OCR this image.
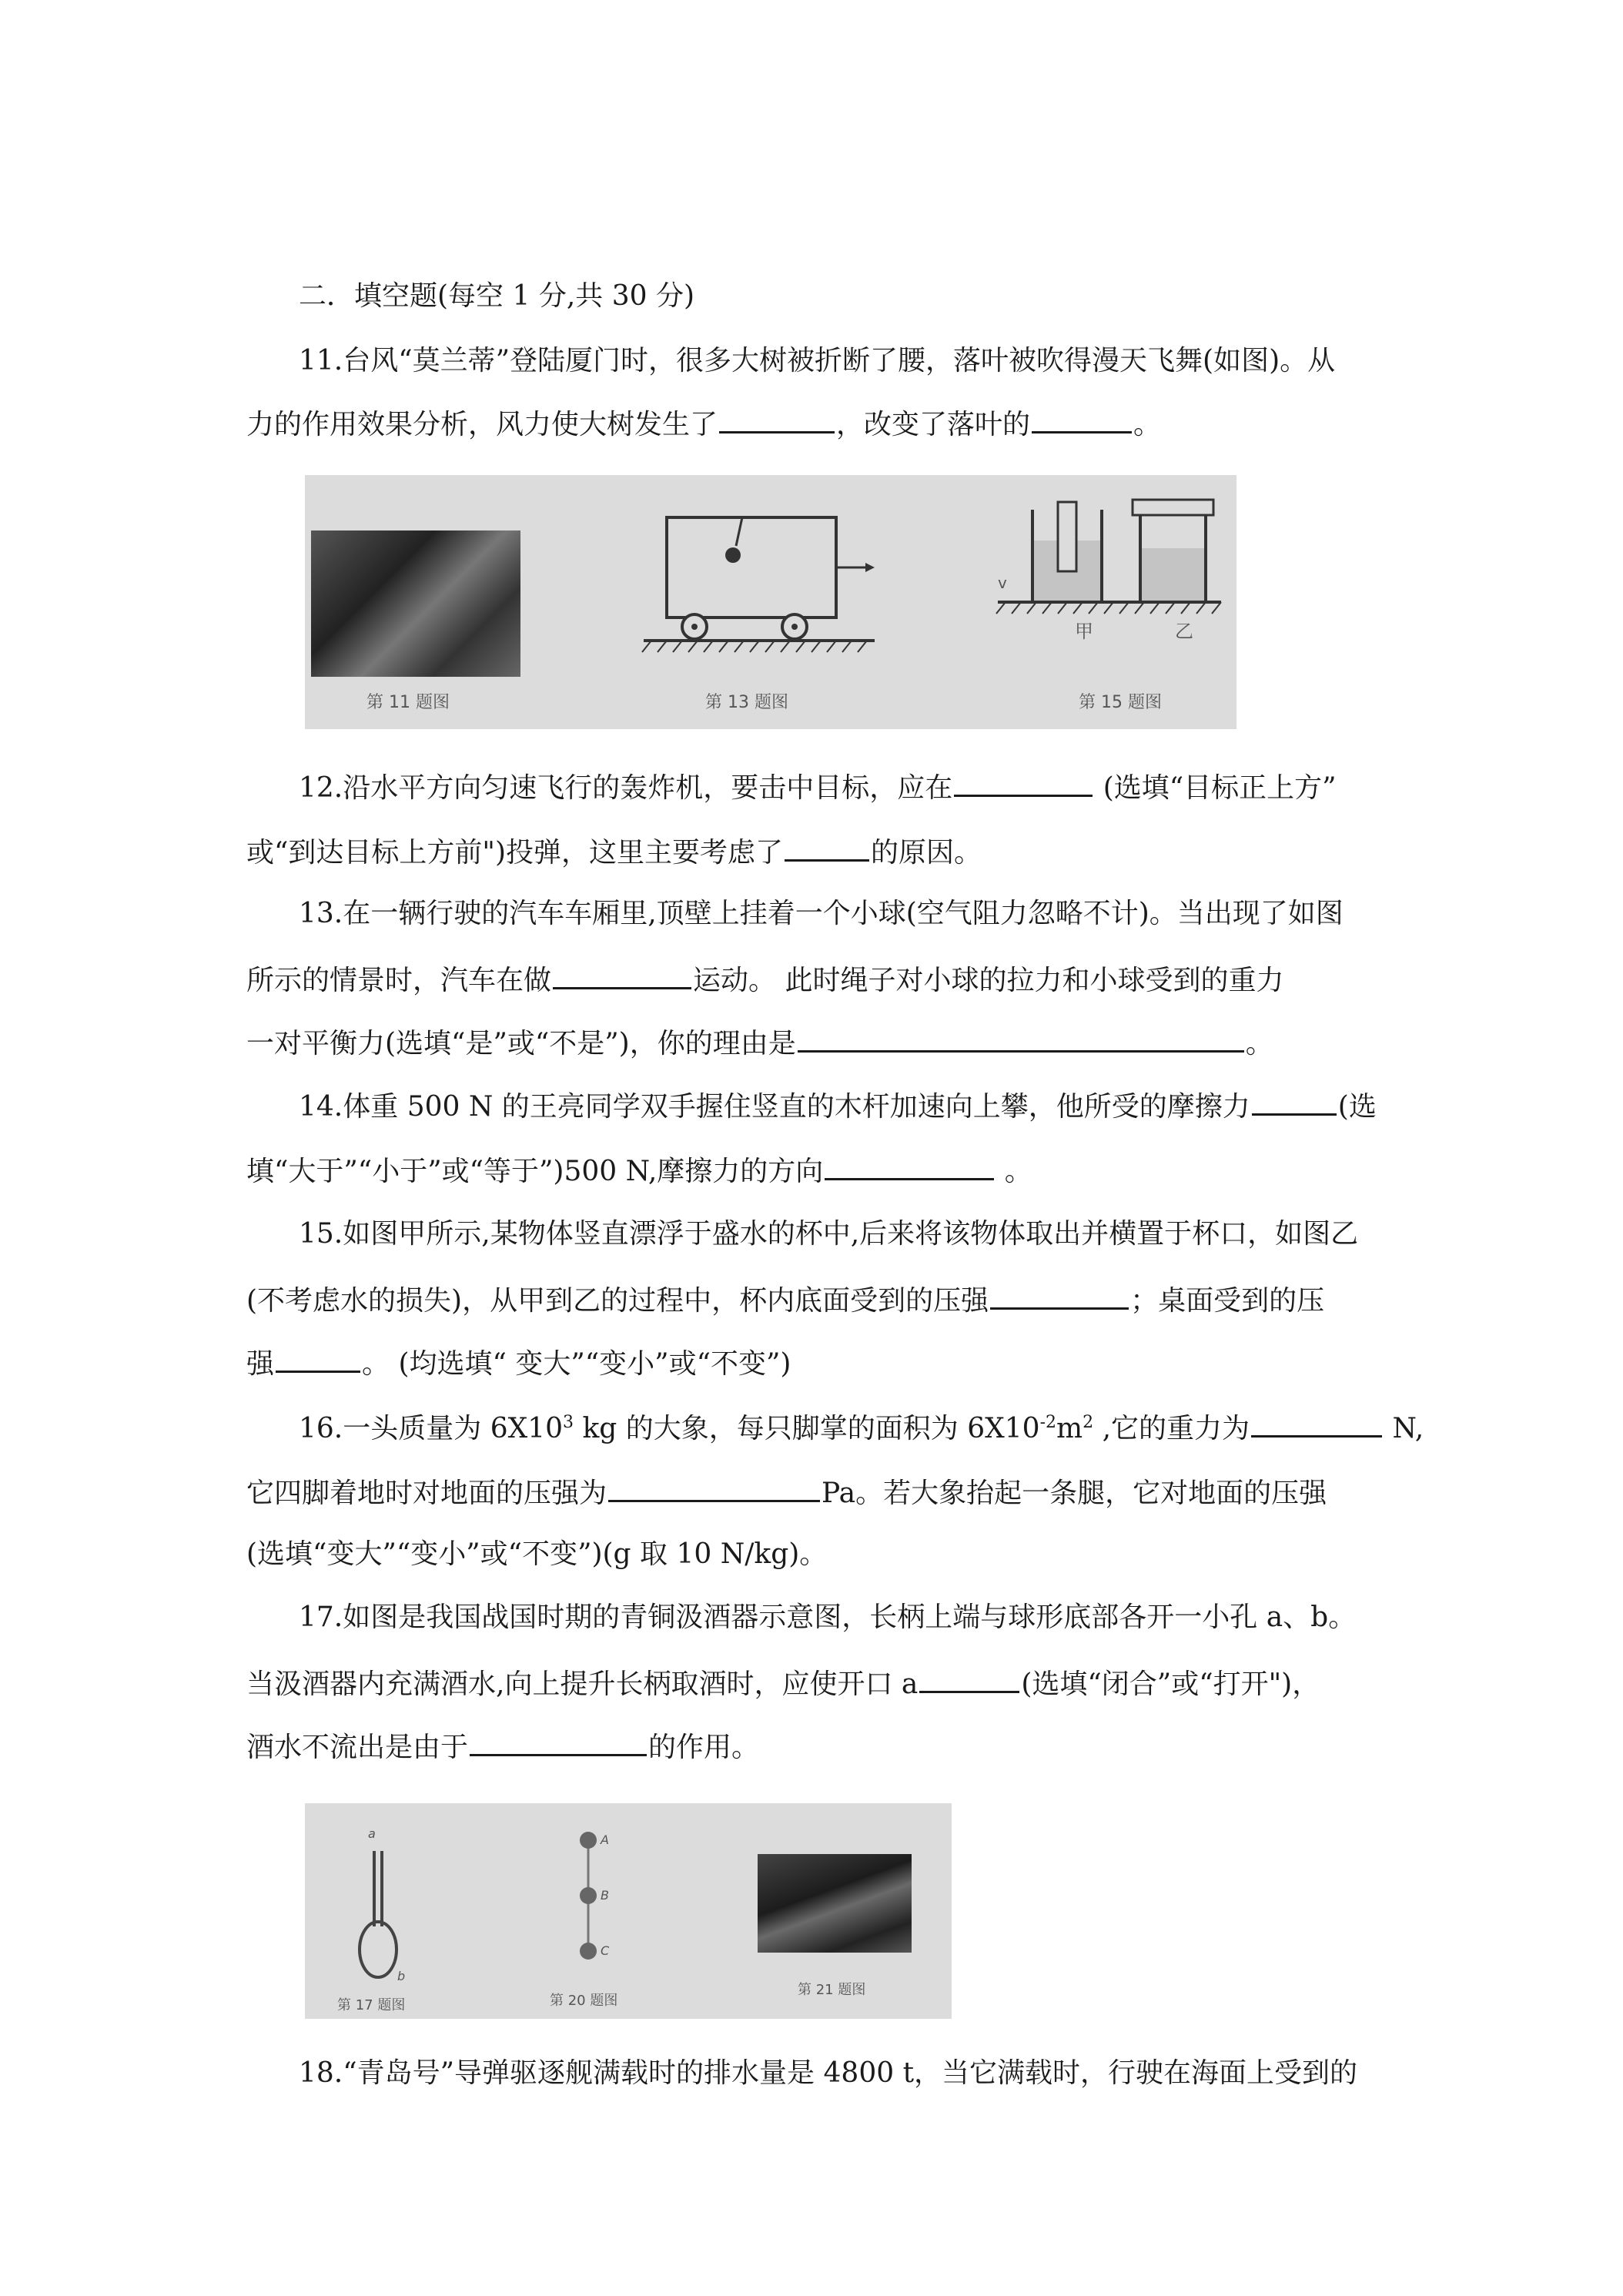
二．填空题(每空 1 分,共 30 分)
11.台风“莫兰蒂”登陆厦门时，很多大树被折断了腰，落叶被吹得漫天飞舞(如图)。从
力的作用效果分析，风力使大树发生了	，改变了落叶的	。
v
甲	乙
第 11 题图	第 13 题图	第 15 题图
12.沿水平方向匀速飞行的轰炸机，要击中目标，应在	(选填“目标正上方”
或“到达目标上方前")投弹，这里主要考虑了	的原因。
13.在一辆行驶的汽车车厢里,顶壁上挂着一个小球(空气阻力忽略不计)。当出现了如图
所示的情景时，汽车在做	运动。 此时绳子对小球的拉力和小球受到的重力
一对平衡力(选填“是”或“不是”)，你的理由是	。
14.体重 500 N 的王亮同学双手握住竖直的木杆加速向上攀，他所受的摩擦力	(选
填“大于”“小于”或“等于”)500 N,摩擦力的方向	。
15.如图甲所示,某物体竖直漂浮于盛水的杯中,后来将该物体取出并横置于杯口，如图乙
(不考虑水的损失)，从甲到乙的过程中，杯内底面受到的压强	；桌面受到的压
强	。 (均选填“ 变大”“变小”或“不变”)
16.一头质量为 $6X10^3$ kg 的大象，每只脚掌的面积为 $6X10^{-2}m^2$ ,它的重力为	N,
它四脚着地时对地面的压强为	Pa。若大象抬起一条腿，它对地面的压强
(选填“变大”“变小”或“不变”)(g 取 10 N/kg)。
17.如图是我国战国时期的青铜汲酒器示意图，长柄上端与球形底部各开一小孔 a、b。
当汲酒器内充满酒水,向上提升长柄取酒时，应使开口 a	(选填“闭合”或“打开")，
酒水不流出是由于	的作用。
a
b
A
B
C
第 17 题图	第 20 题图
第 21 题图
18.“青岛号”导弹驱逐舰满载时的排水量是 4800 t，当它满载时，行驶在海面上受到的
